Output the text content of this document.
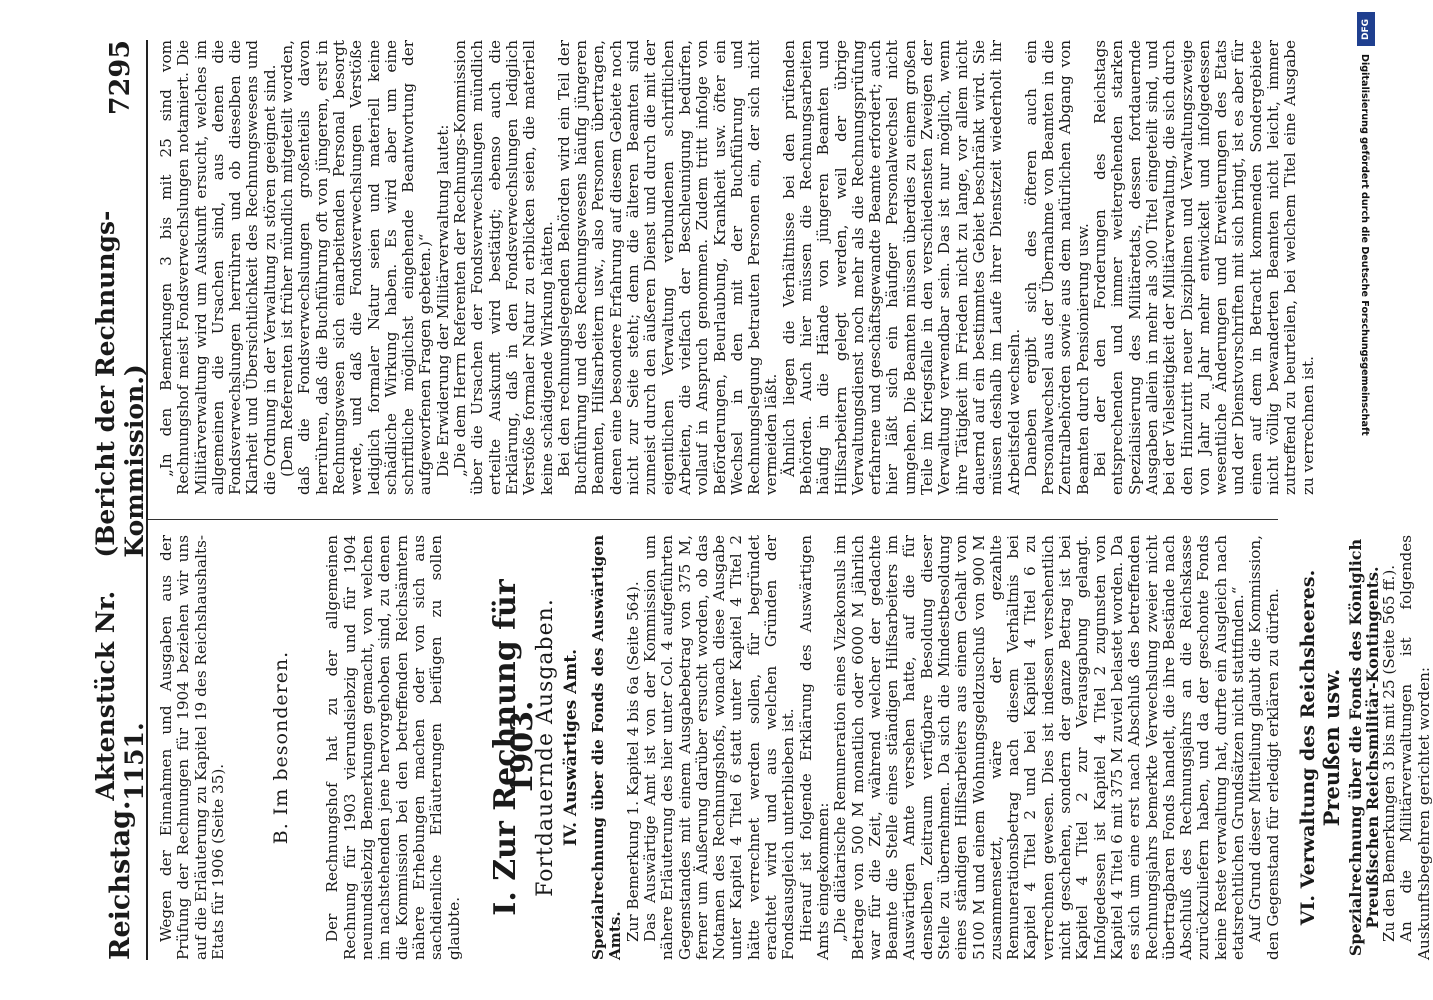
Reichstag.
Aktenstück Nr. 1151.
(Bericht der Rechnungs-Kommission.)
7295

Wegen der Einnahmen und Ausgaben aus der Prüfung der Rechnungen für 1904 beziehen wir uns auf die Erläuterung zu Kapitel 19 des Reichshaushalts-Etats für 1906 (Seite 35).

B. Im besonderen. Der Rechnungshof hat zu der allgemeinen Rechnung für 1903 vierundsiebzig und für 1904 neunundsiebzig Bemerkungen gemacht, von welchen im nachstehenden jene hervorgehoben sind, zu denen die Kommission bei den betreffenden Reichsämtern nähere Erhebungen machen oder von sich aus sachdienliche Erläuterungen beifügen zu sollen glaubte.

I. Zur Rechnung für 1903.
Fortdauernde Ausgaben. IV. Auswärtiges Amt. Spezialrechnung über die Fonds des Auswärtigen Amts. Zur Bemerkung 1. Kapitel 4 bis 6a (Seite 564). Das Auswärtige Amt ist von der Kommission um nähere Erläuterung des hier unter Col. 4 aufgeführten Gegenstandes mit einem Ausgabebetrag von 375 M, ferner um Äußerung darüber ersucht worden, ob das Notamen des Rechnungshofs, wonach diese Ausgabe unter Kapitel 4 Titel 6 statt unter Kapitel 4 Titel 2 hätte verrechnet werden sollen, für begründet erachtet wird und aus welchen Gründen der Fondsausgleich unterblieben ist. Hierauf ist folgende Erklärung des Auswärtigen Amts eingekommen: „Die diätarische Remuneration eines Vizekonsuls im Betrage von 500 M monatlich oder 6000 M jährlich war für die Zeit, während welcher der gedachte Beamte die Stelle eines ständigen Hilfsarbeiters im Auswärtigen Amte versehen hatte, auf die für denselben Zeitraum verfügbare Besoldung dieser Stelle zu übernehmen. Da sich die Mindestbesoldung eines ständigen Hilfsarbeiters aus einem Gehalt von 5100 M und einem Wohnungsgeldzuschuß von 900 M zusammensetzt, wäre der gezahlte Remunerationsbetrag nach diesem Verhältnis bei Kapitel 4 Titel 2 und bei Kapitel 4 Titel 6 zu verrechnen gewesen. Dies ist indessen versehentlich nicht geschehen, sondern der ganze Betrag ist bei Kapitel 4 Titel 2 zur Verausgabung gelangt. Infolgedessen ist Kapitel 4 Titel 2 zugunsten von Kapitel 4 Titel 6 mit 375 M zuviel belastet worden. Da es sich um eine erst nach Abschluß des betreffenden Rechnungsjahrs bemerkte Verwechslung zweier nicht übertragbaren Fonds handelt, die ihre Bestände nach Abschluß des Rechnungsjahrs an die Reichskasse zurückzuliefern haben, und da der geschonte Fonds keine Reste verwaltung hat, durfte ein Ausgleich nach etatsrechtlichen Grundsätzen nicht stattfinden.“ Auf Grund dieser Mitteilung glaubt die Kommission, den Gegenstand für erledigt erklären zu dürfen. VI. Verwaltung des Reichsheeres. Preußen usw. Spezialrechnung über die Fonds des Königlich Preußischen Reichsmilitär-Kontingents.

Zu den Bemerkungen 3 bis mit 25 (Seite 565 ff.). An die Militärverwaltungen ist folgendes Auskunftsbegehren gerichtet worden:

„In den Bemerkungen 3 bis mit 25 sind vom Rechnungshof meist Fondsverwechslungen notamiert. Die Militärverwaltung wird um Auskunft ersucht, welches im allgemeinen die Ursachen sind, aus denen die Fondsverwechslungen herrühren und ob dieselben die Klarheit und Übersichtlichkeit des Rechnungswesens und die Ordnung in der Verwaltung zu stören geeignet sind. (Dem Referenten ist früher mündlich mitgeteilt worden, daß die Fondsverwechslungen großenteils davon herrühren, daß die Buchführung oft von jüngeren, erst in Rechnungswesen sich einarbeitenden Personal besorgt werde, und daß die Fondsverwechslungen Verstöße lediglich formaler Natur seien und materiell keine schädliche Wirkung haben. Es wird aber um eine schriftliche möglichst eingehende Beantwortung der aufgeworfenen Fragen gebeten.)“ Die Erwiderung der Militärverwaltung lautet: „Die dem Herrn Referenten der Rechnungs-Kommission über die Ursachen der Fondsverwechslungen mündlich erteilte Auskunft wird bestätigt; ebenso auch die Erklärung, daß in den Fondsverwechslungen lediglich Verstöße formaler Natur zu erblicken seien, die materiell keine schädigende Wirkung hätten. Bei den rechnungslegenden Behörden wird ein Teil der Buchführung und des Rechnungswesens häufig jüngeren Beamten, Hilfsarbeitern usw., also Personen übertragen, denen eine besondere Erfahrung auf diesem Gebiete noch nicht zur Seite steht; denn die älteren Beamten sind zumeist durch den äußeren Dienst und durch die mit der eigentlichen Verwaltung verbundenen schriftlichen Arbeiten, die vielfach der Beschleunigung bedürfen, vollauf in Anspruch genommen. Zudem tritt infolge von Beförderungen, Beurlaubung, Krankheit usw. öfter ein Wechsel in den mit der Buchführung und Rechnungslegung betrauten Personen ein, der sich nicht vermeiden läßt. Ähnlich liegen die Verhältnisse bei den prüfenden Behörden. Auch hier müssen die Rechnungsarbeiten häufig in die Hände von jüngeren Beamten und Hilfsarbeitern gelegt werden, weil der übrige Verwaltungsdienst noch mehr als die Rechnungsprüfung erfahrene und geschäftsgewandte Beamte erfordert; auch hier läßt sich ein häufiger Personalwechsel nicht umgehen. Die Beamten müssen überdies zu einem großen Teile im Kriegsfalle in den verschiedensten Zweigen der Verwaltung verwendbar sein. Das ist nur möglich, wenn ihre Tätigkeit im Frieden nicht zu lange, vor allem nicht dauernd auf ein bestimmtes Gebiet beschränkt wird. Sie müssen deshalb im Laufe ihrer Dienstzeit wiederholt ihr Arbeitsfeld wechseln. Daneben ergibt sich des öfteren auch ein Personalwechsel aus der Übernahme von Beamten in die Zentralbehörden sowie aus dem natürlichen Abgang von Beamten durch Pensionierung usw. Bei der den Forderungen des Reichstags entsprechenden und immer weitergehenden starken Spezialisierung des Militäretats, dessen fortdauernde Ausgaben allein in mehr als 300 Titel eingeteilt sind, und bei der Vielseitigkeit der Militärverwaltung, die sich durch den Hinzutritt neuer Disziplinen und Verwaltungszweige von Jahr zu Jahr mehr entwickelt und infolgedessen wesentliche Änderungen und Erweiterungen des Etats und der Dienstvorschriften mit sich bringt, ist es aber für einen auf dem in Betracht kommenden Sondergebiete nicht völlig bewanderten Beamten nicht leicht, immer zutreffend zu beurteilen, bei welchem Titel eine Ausgabe zu verrechnen ist.

DFG
Digitalisierung gefördert durch die Deutsche Forschungsgemeinschaft
